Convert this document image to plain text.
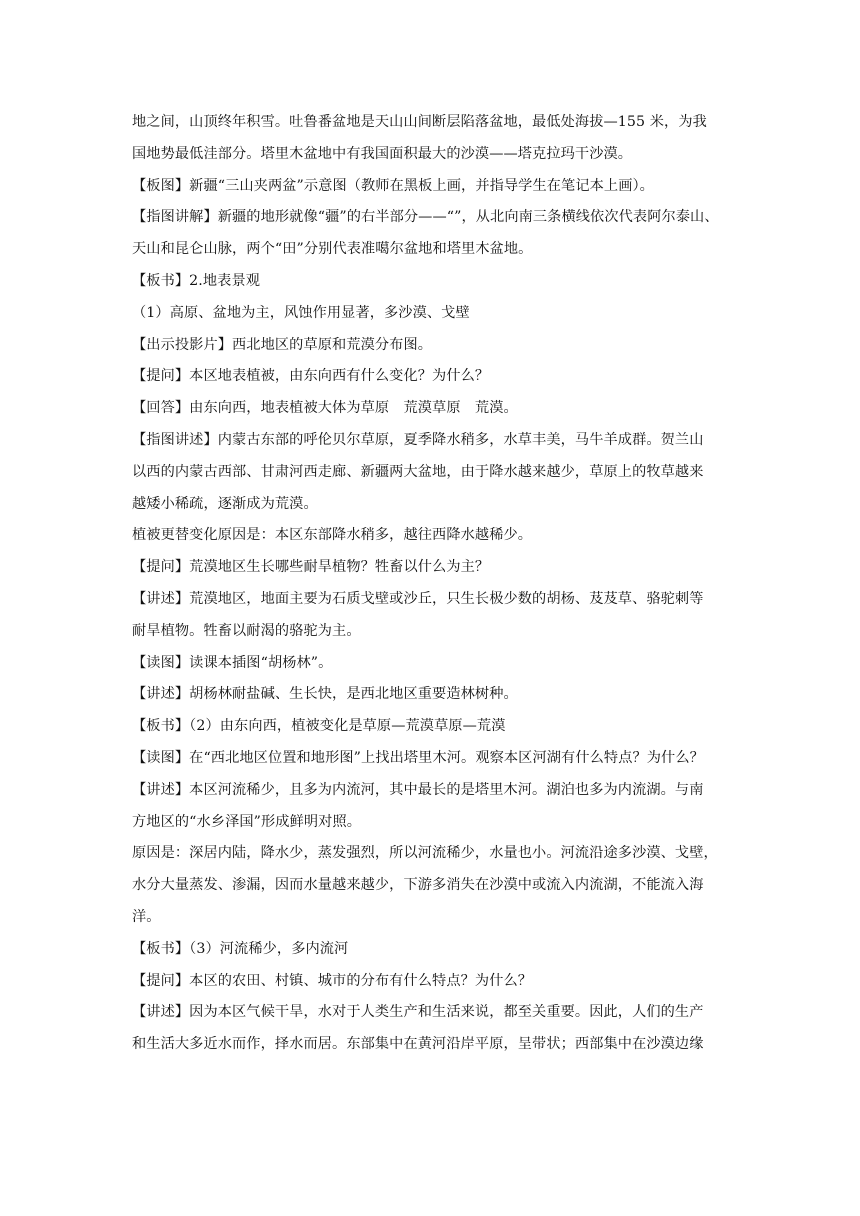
地之间，山顶终年积雪。吐鲁番盆地是天山山间断层陷落盆地，最低处海拔—155 米，为我
国地势最低洼部分。塔里木盆地中有我国面积最大的沙漠——塔克拉玛干沙漠。
【板图】新疆“三山夹两盆”示意图（教师在黑板上画，并指导学生在笔记本上画）。
【指图讲解】新疆的地形就像“疆”的右半部分——“”，从北向南三条横线依次代表阿尔泰山、
天山和昆仑山脉，两个“田”分别代表准噶尔盆地和塔里木盆地。
【板书】2.地表景观
（1）高原、盆地为主，风蚀作用显著，多沙漠、戈壁
【出示投影片】西北地区的草原和荒漠分布图。
【提问】本区地表植被，由东向西有什么变化？为什么？
【回答】由东向西，地表植被大体为草原　荒漠草原　荒漠。
【指图讲述】内蒙古东部的呼伦贝尔草原，夏季降水稍多，水草丰美，马牛羊成群。贺兰山
以西的内蒙古西部、甘肃河西走廊、新疆两大盆地，由于降水越来越少，草原上的牧草越来
越矮小稀疏，逐渐成为荒漠。
植被更替变化原因是：本区东部降水稍多，越往西降水越稀少。
【提问】荒漠地区生长哪些耐旱植物？牲畜以什么为主？
【讲述】荒漠地区，地面主要为石质戈壁或沙丘，只生长极少数的胡杨、芨芨草、骆驼刺等
耐旱植物。牲畜以耐渴的骆驼为主。
【读图】读课本插图“胡杨林”。
【讲述】胡杨林耐盐碱、生长快，是西北地区重要造林树种。
【板书】（2）由东向西，植被变化是草原—荒漠草原—荒漠
【读图】在“西北地区位置和地形图”上找出塔里木河。观察本区河湖有什么特点？为什么？
【讲述】本区河流稀少，且多为内流河，其中最长的是塔里木河。湖泊也多为内流湖。与南
方地区的“水乡泽国”形成鲜明对照。
原因是：深居内陆，降水少，蒸发强烈，所以河流稀少，水量也小。河流沿途多沙漠、戈壁，
水分大量蒸发、渗漏，因而水量越来越少，下游多消失在沙漠中或流入内流湖，不能流入海
洋。
【板书】（3）河流稀少，多内流河
【提问】本区的农田、村镇、城市的分布有什么特点？为什么？
【讲述】因为本区气候干旱，水对于人类生产和生活来说，都至关重要。因此，人们的生产
和生活大多近水而作，择水而居。东部集中在黄河沿岸平原，呈带状；西部集中在沙漠边缘
